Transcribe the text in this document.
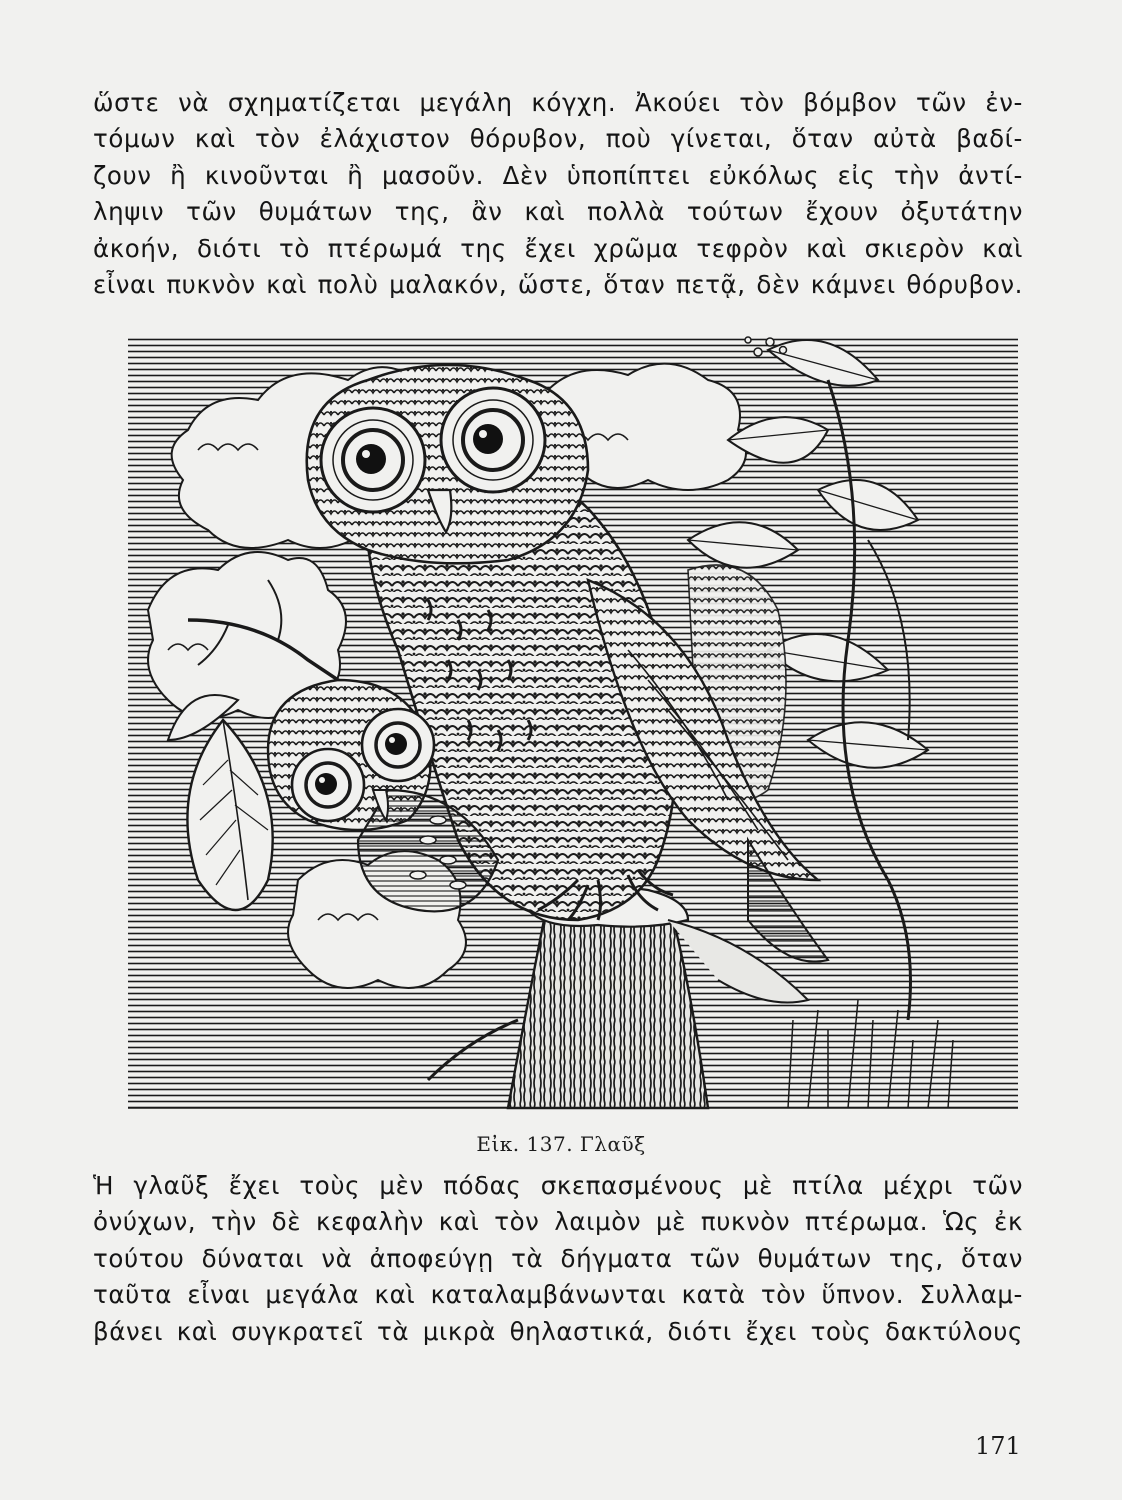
ὥστε νὰ σχηματίζεται μεγάλη κόγχη. Ἀκούει τὸν βόμβον τῶν ἐν-
τόμων καὶ τὸν ἐλάχιστον θόρυβον, ποὺ γίνεται, ὅταν αὐτὰ βαδί-
ζουν ἢ κινοῦνται ἢ μασοῦν. Δὲν ὑποπίπτει εὐκόλως εἰς τὴν ἀντί-
ληψιν τῶν θυμάτων της, ἂν καὶ πολλὰ τούτων ἔχουν ὀξυτάτην
ἀκοήν, διότι τὸ πτέρωμά της ἔχει χρῶμα τεφρὸν καὶ σκιερὸν καὶ
εἶναι πυκνὸν καὶ πολὺ μαλακόν, ὥστε, ὅταν πετᾷ, δὲν κάμνει θόρυβον.
Εἰκ. 137. Γλαῦξ
Ἡ γλαῦξ ἔχει τοὺς μὲν πόδας σκεπασμένους μὲ πτίλα μέχρι τῶν
ὀνύχων, τὴν δὲ κεφαλὴν καὶ τὸν λαιμὸν μὲ πυκνὸν πτέρωμα. Ὡς ἐκ
τούτου δύναται νὰ ἀποφεύγῃ τὰ δήγματα τῶν θυμάτων της, ὅταν
ταῦτα εἶναι μεγάλα καὶ καταλαμβάνωνται κατὰ τὸν ὕπνον. Συλλαμ-
βάνει καὶ συγκρατεῖ τὰ μικρὰ θηλαστικά, διότι ἔχει τοὺς δακτύλους
171
